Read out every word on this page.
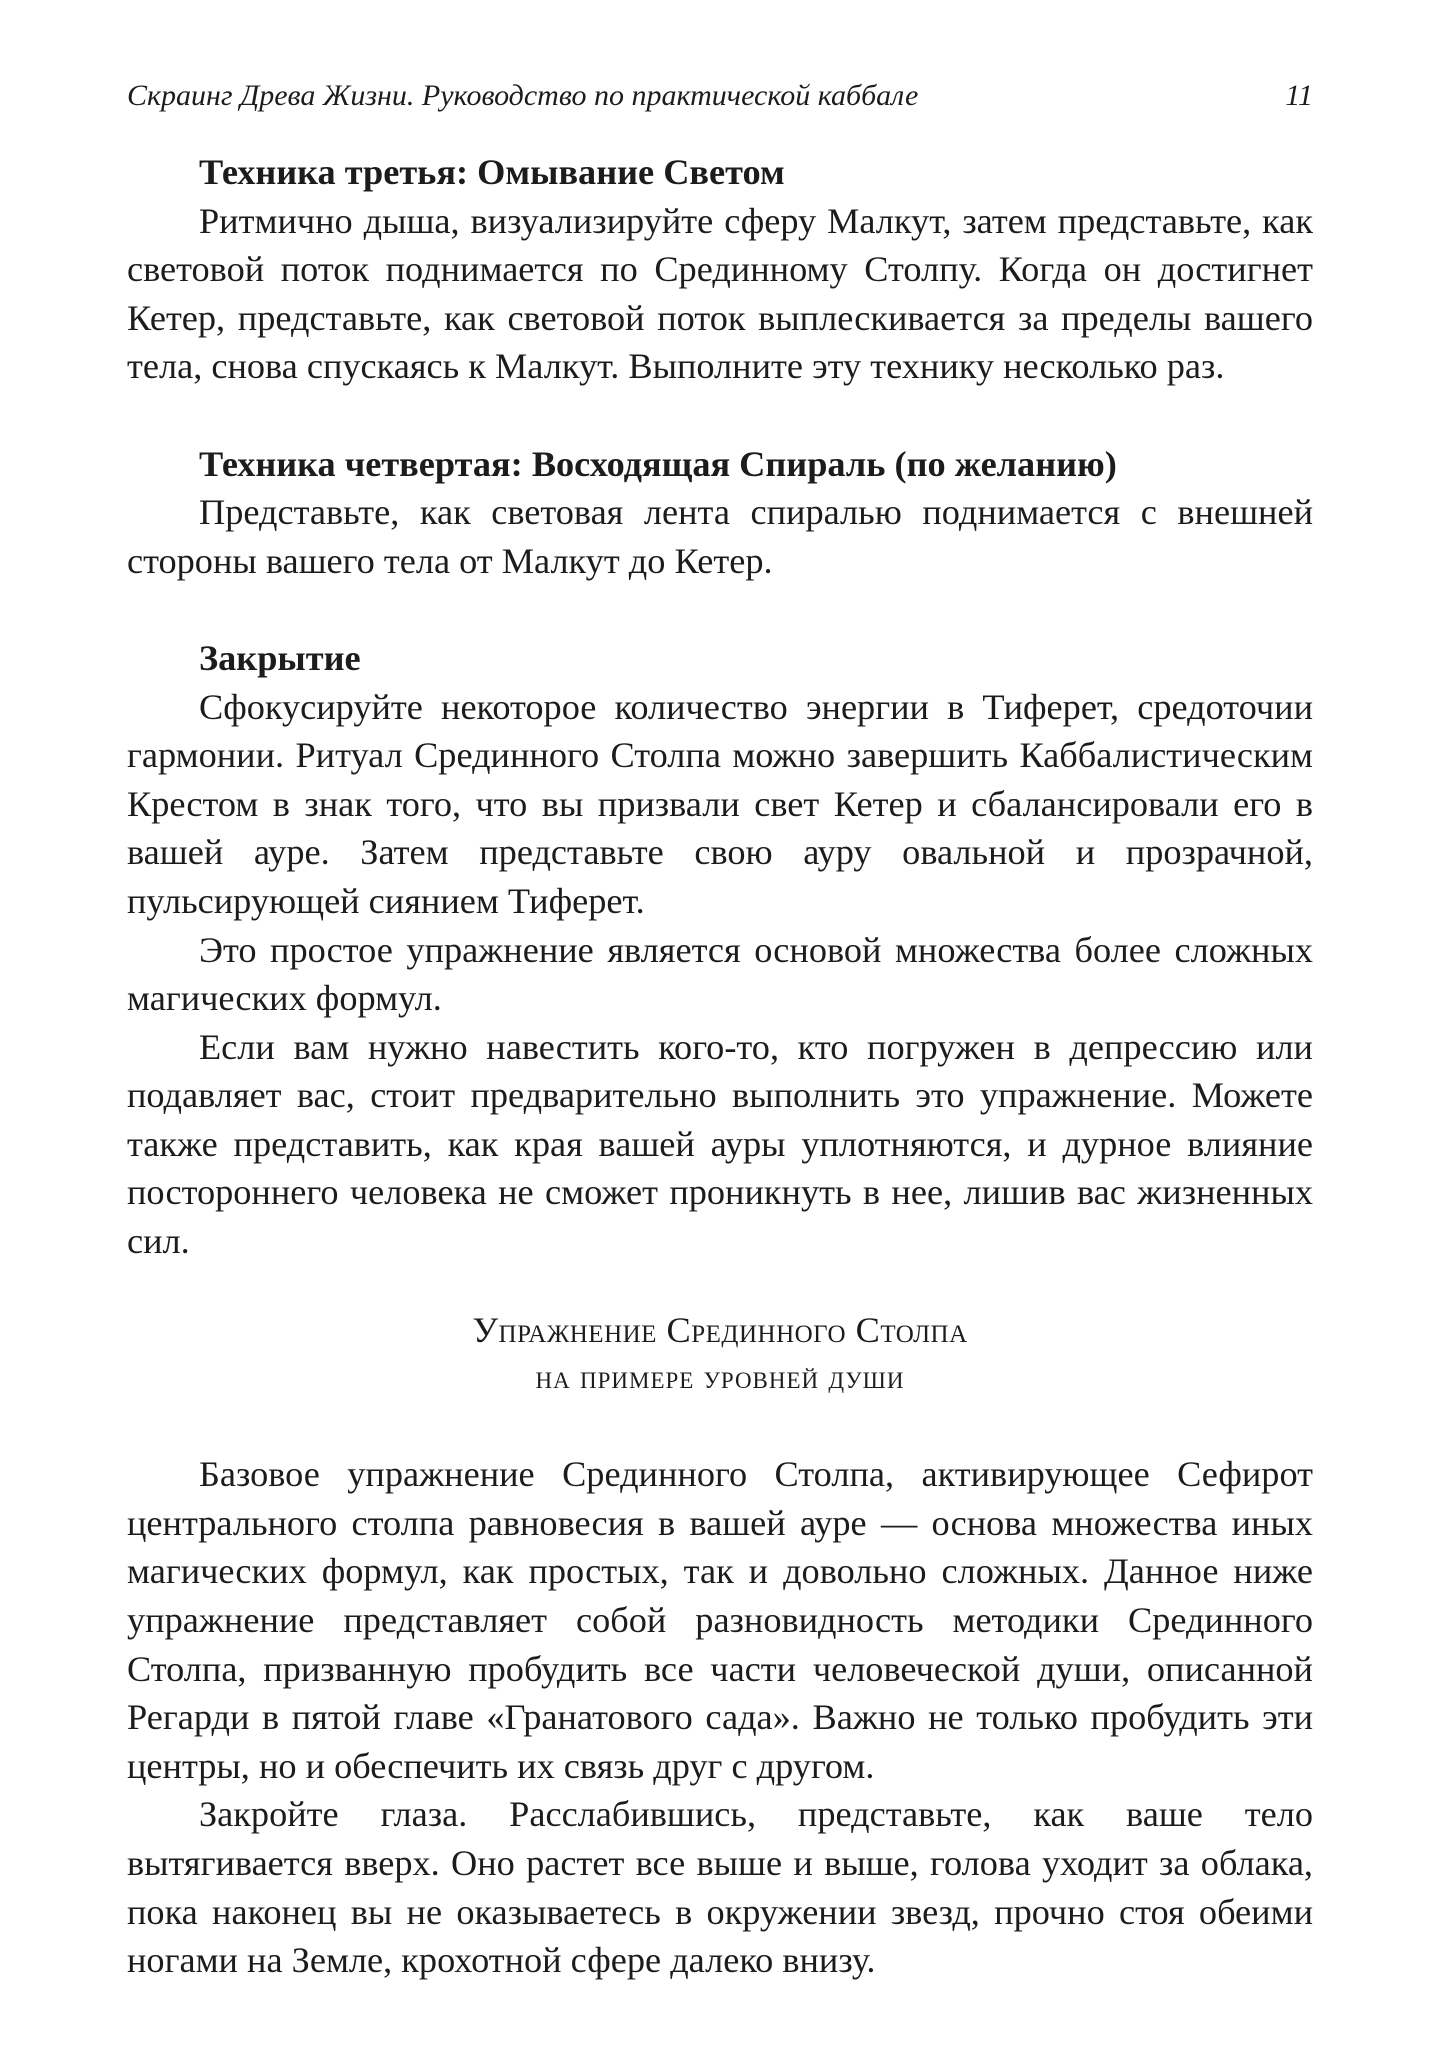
Скраинг Древа Жизни. Руководство по практической каббале	11
Техника третья: Омывание Светом

Ритмично дыша, визуализируйте сферу Малкут, затем представьте, как световой поток поднимается по Срединному Столпу. Когда он достигнет Кетер, представьте, как световой поток выплескивается за пределы вашего тела, снова спускаясь к Малкут. Выполните эту технику несколько раз.

Техника четвертая: Восходящая Спираль (по желанию)

Представьте, как световая лента спиралью поднимается с внешней стороны вашего тела от Малкут до Кетер.

Закрытие

Сфокусируйте некоторое количество энергии в Тиферет, средоточии гармонии. Ритуал Срединного Столпа можно завершить Каббалистическим Крестом в знак того, что вы призвали свет Кетер и сбалансировали его в вашей ауре. Затем представьте свою ауру овальной и прозрачной, пульсирующей сиянием Тиферет.

Это простое упражнение является основой множества более сложных магических формул.

Если вам нужно навестить кого-то, кто погружен в депрессию или подавляет вас, стоит предварительно выполнить это упражнение. Можете также представить, как края вашей ауры уплотняются, и дурное влияние постороннего человека не сможет проникнуть в нее, лишив вас жизненных сил.

Упражнение Срединного Столпа
на примере уровней души

Базовое упражнение Срединного Столпа, активирующее Сефирот центрального столпа равновесия в вашей ауре — основа множества иных магических формул, как простых, так и довольно сложных. Данное ниже упражнение представляет собой разновидность методики Срединного Столпа, призванную пробудить все части человеческой души, описанной Регарди в пятой главе «Гранатового сада». Важно не только пробудить эти центры, но и обеспечить их связь друг с другом.

Закройте глаза. Расслабившись, представьте, как ваше тело вытягивается вверх. Оно растет все выше и выше, голова уходит за облака, пока наконец вы не оказываетесь в окружении звезд, прочно стоя обеими ногами на Земле, крохотной сфере далеко внизу.
